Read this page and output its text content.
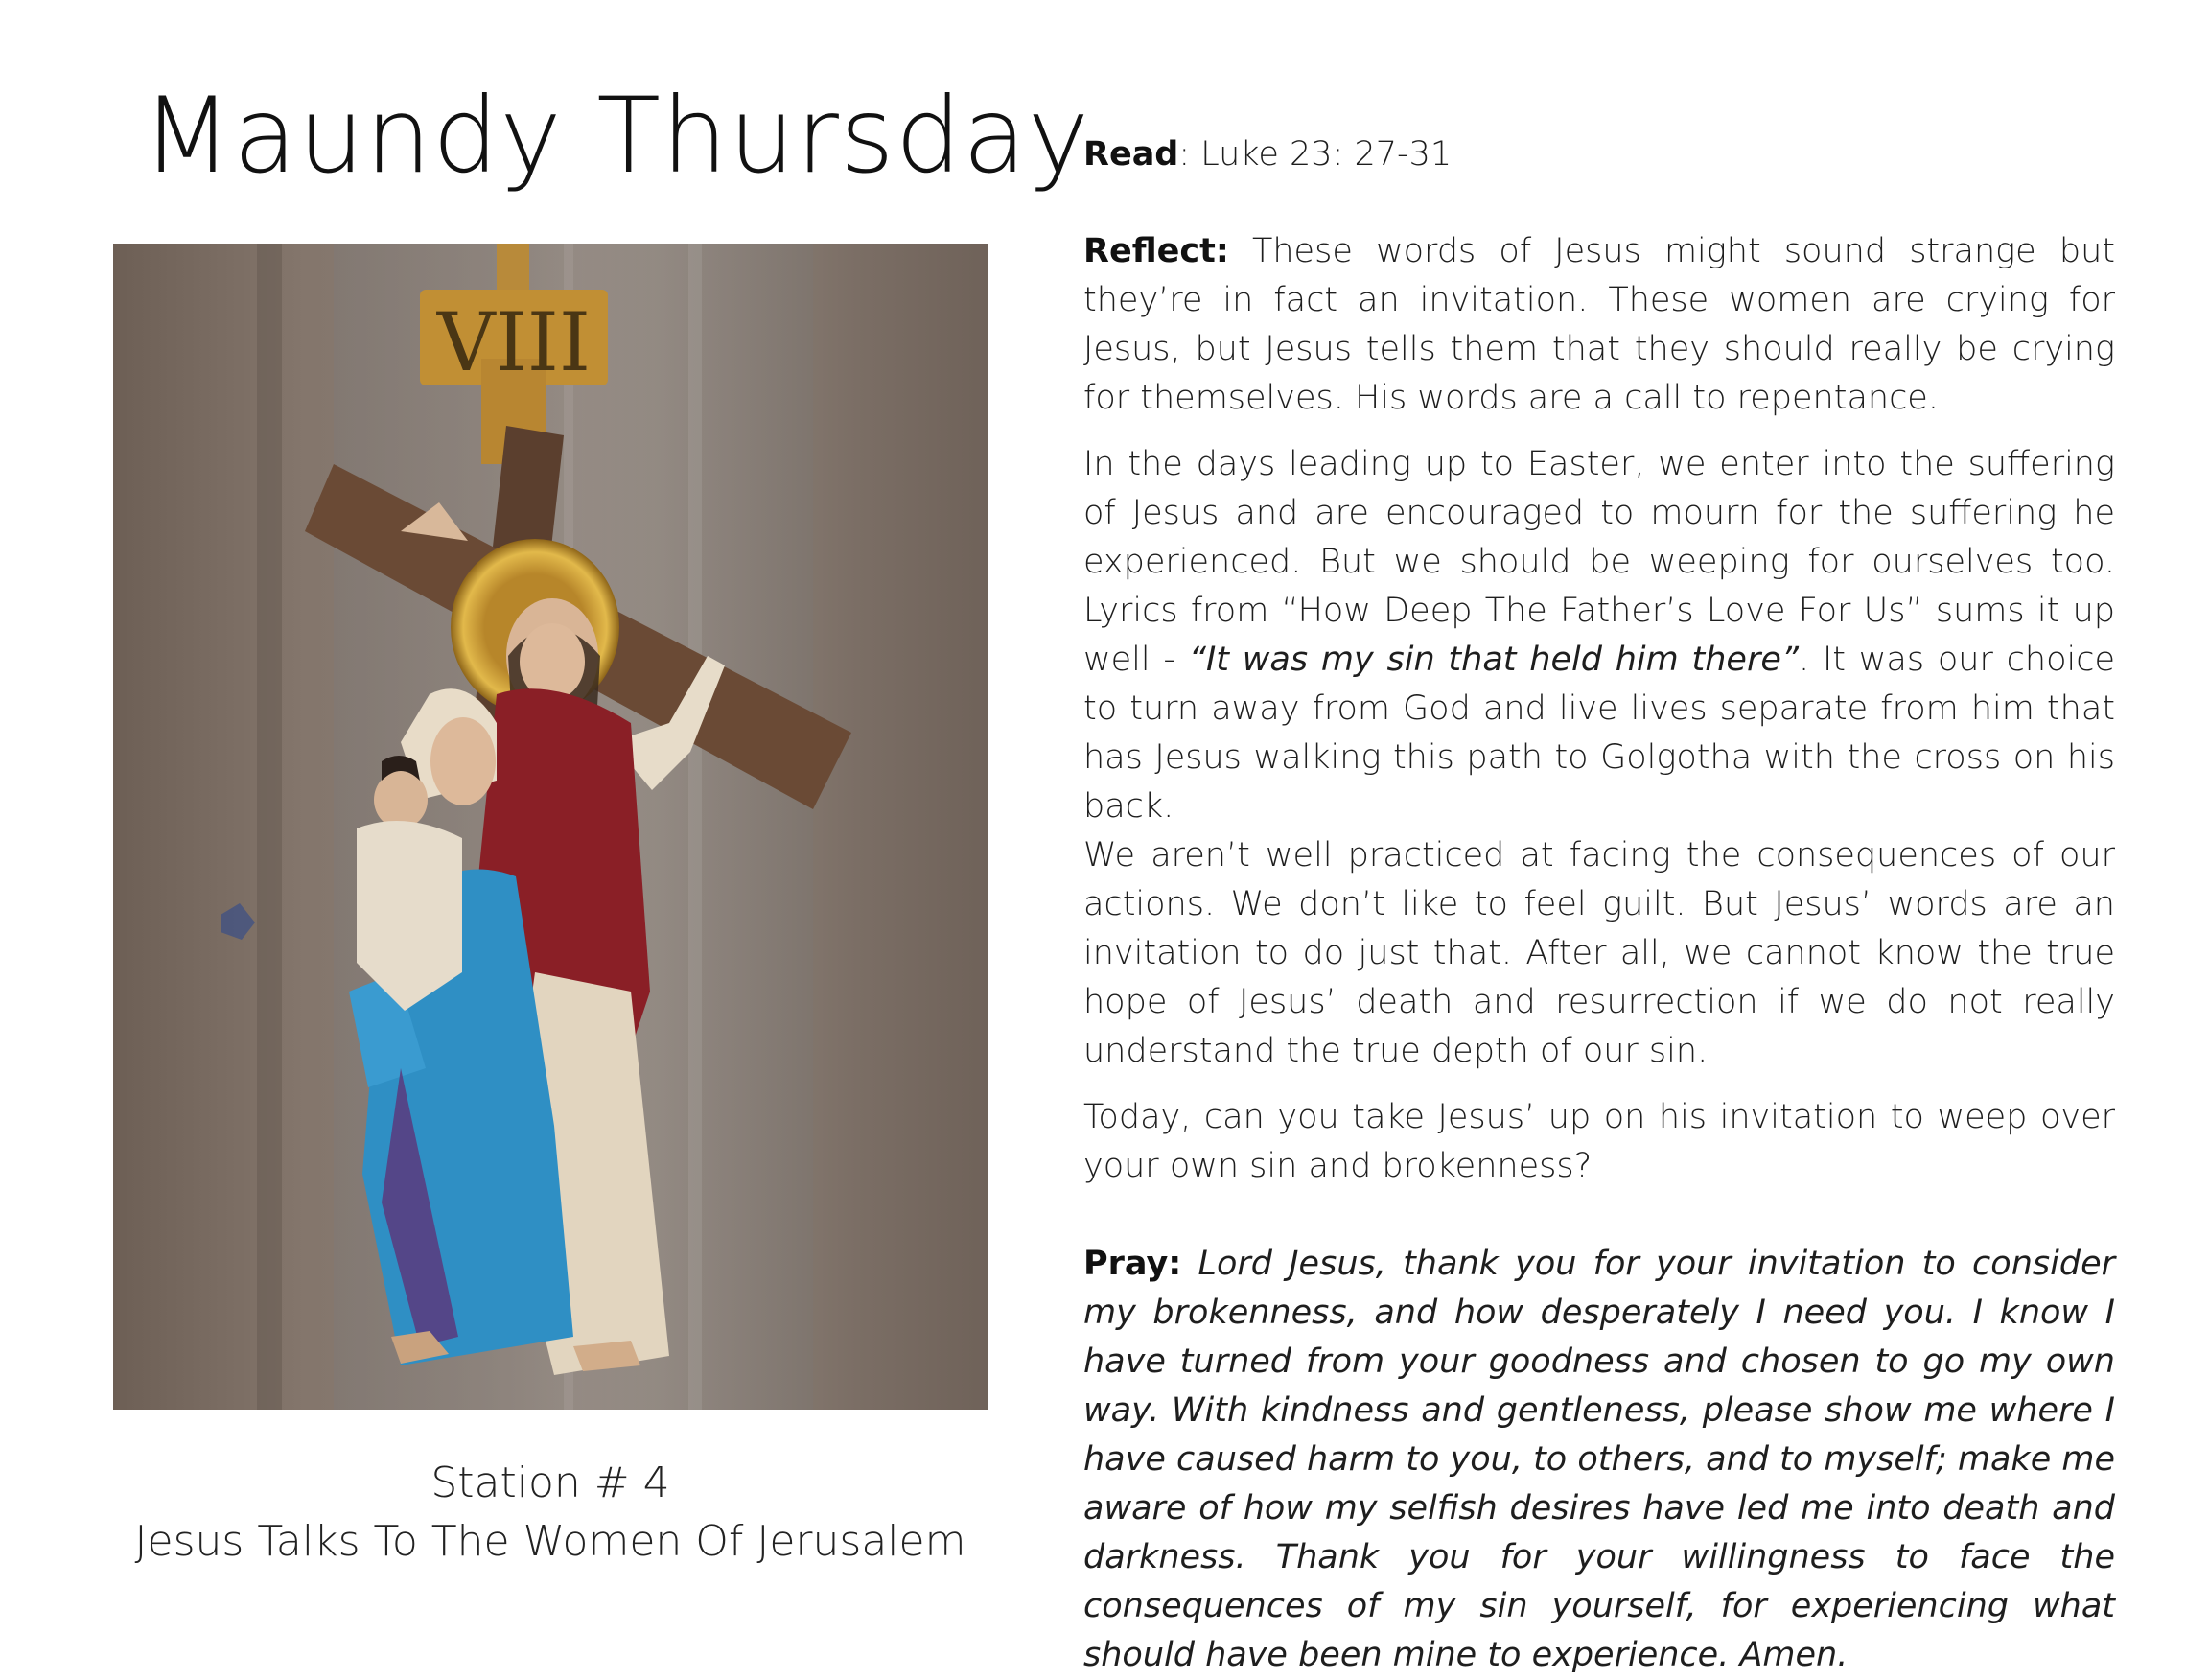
Maundy Thursday
VIII
Station # 4
Jesus Talks To The Women Of Jerusalem

Read: Luke 23: 27-31

Reflect: These words of Jesus might sound strange but they’re in fact an invitation. These women are crying for Jesus, but Jesus tells them that they should really be crying for themselves. His words are a call to repentance.

In the days leading up to Easter, we enter into the suffering of Jesus and are encouraged to mourn for the suffering he experienced. But we should be weeping for ourselves too. Lyrics from “How Deep The Father’s Love For Us” sums it up well - “It was my sin that held him there”. It was our choice to turn away from God and live lives separate from him that has Jesus walking this path to Golgotha with the cross on his back.

We aren’t well practiced at facing the consequences of our actions. We don’t like to feel guilt. But Jesus’ words are an invitation to do just that. After all, we cannot know the true hope of Jesus’ death and resurrection if we do not really understand the true depth of our sin.

Today, can you take Jesus’ up on his invitation to weep over your own sin and brokenness?

Pray: Lord Jesus, thank you for your invitation to consider my brokenness, and how desperately I need you. I know I have turned from your goodness and chosen to go my own way. With kindness and gentleness, please show me where I have caused harm to you, to others, and to myself; make me aware of how my selfish desires have led me into death and darkness. Thank you for your willingness to face the consequences of my sin yourself, for experiencing what should have been mine to experience. Amen.
